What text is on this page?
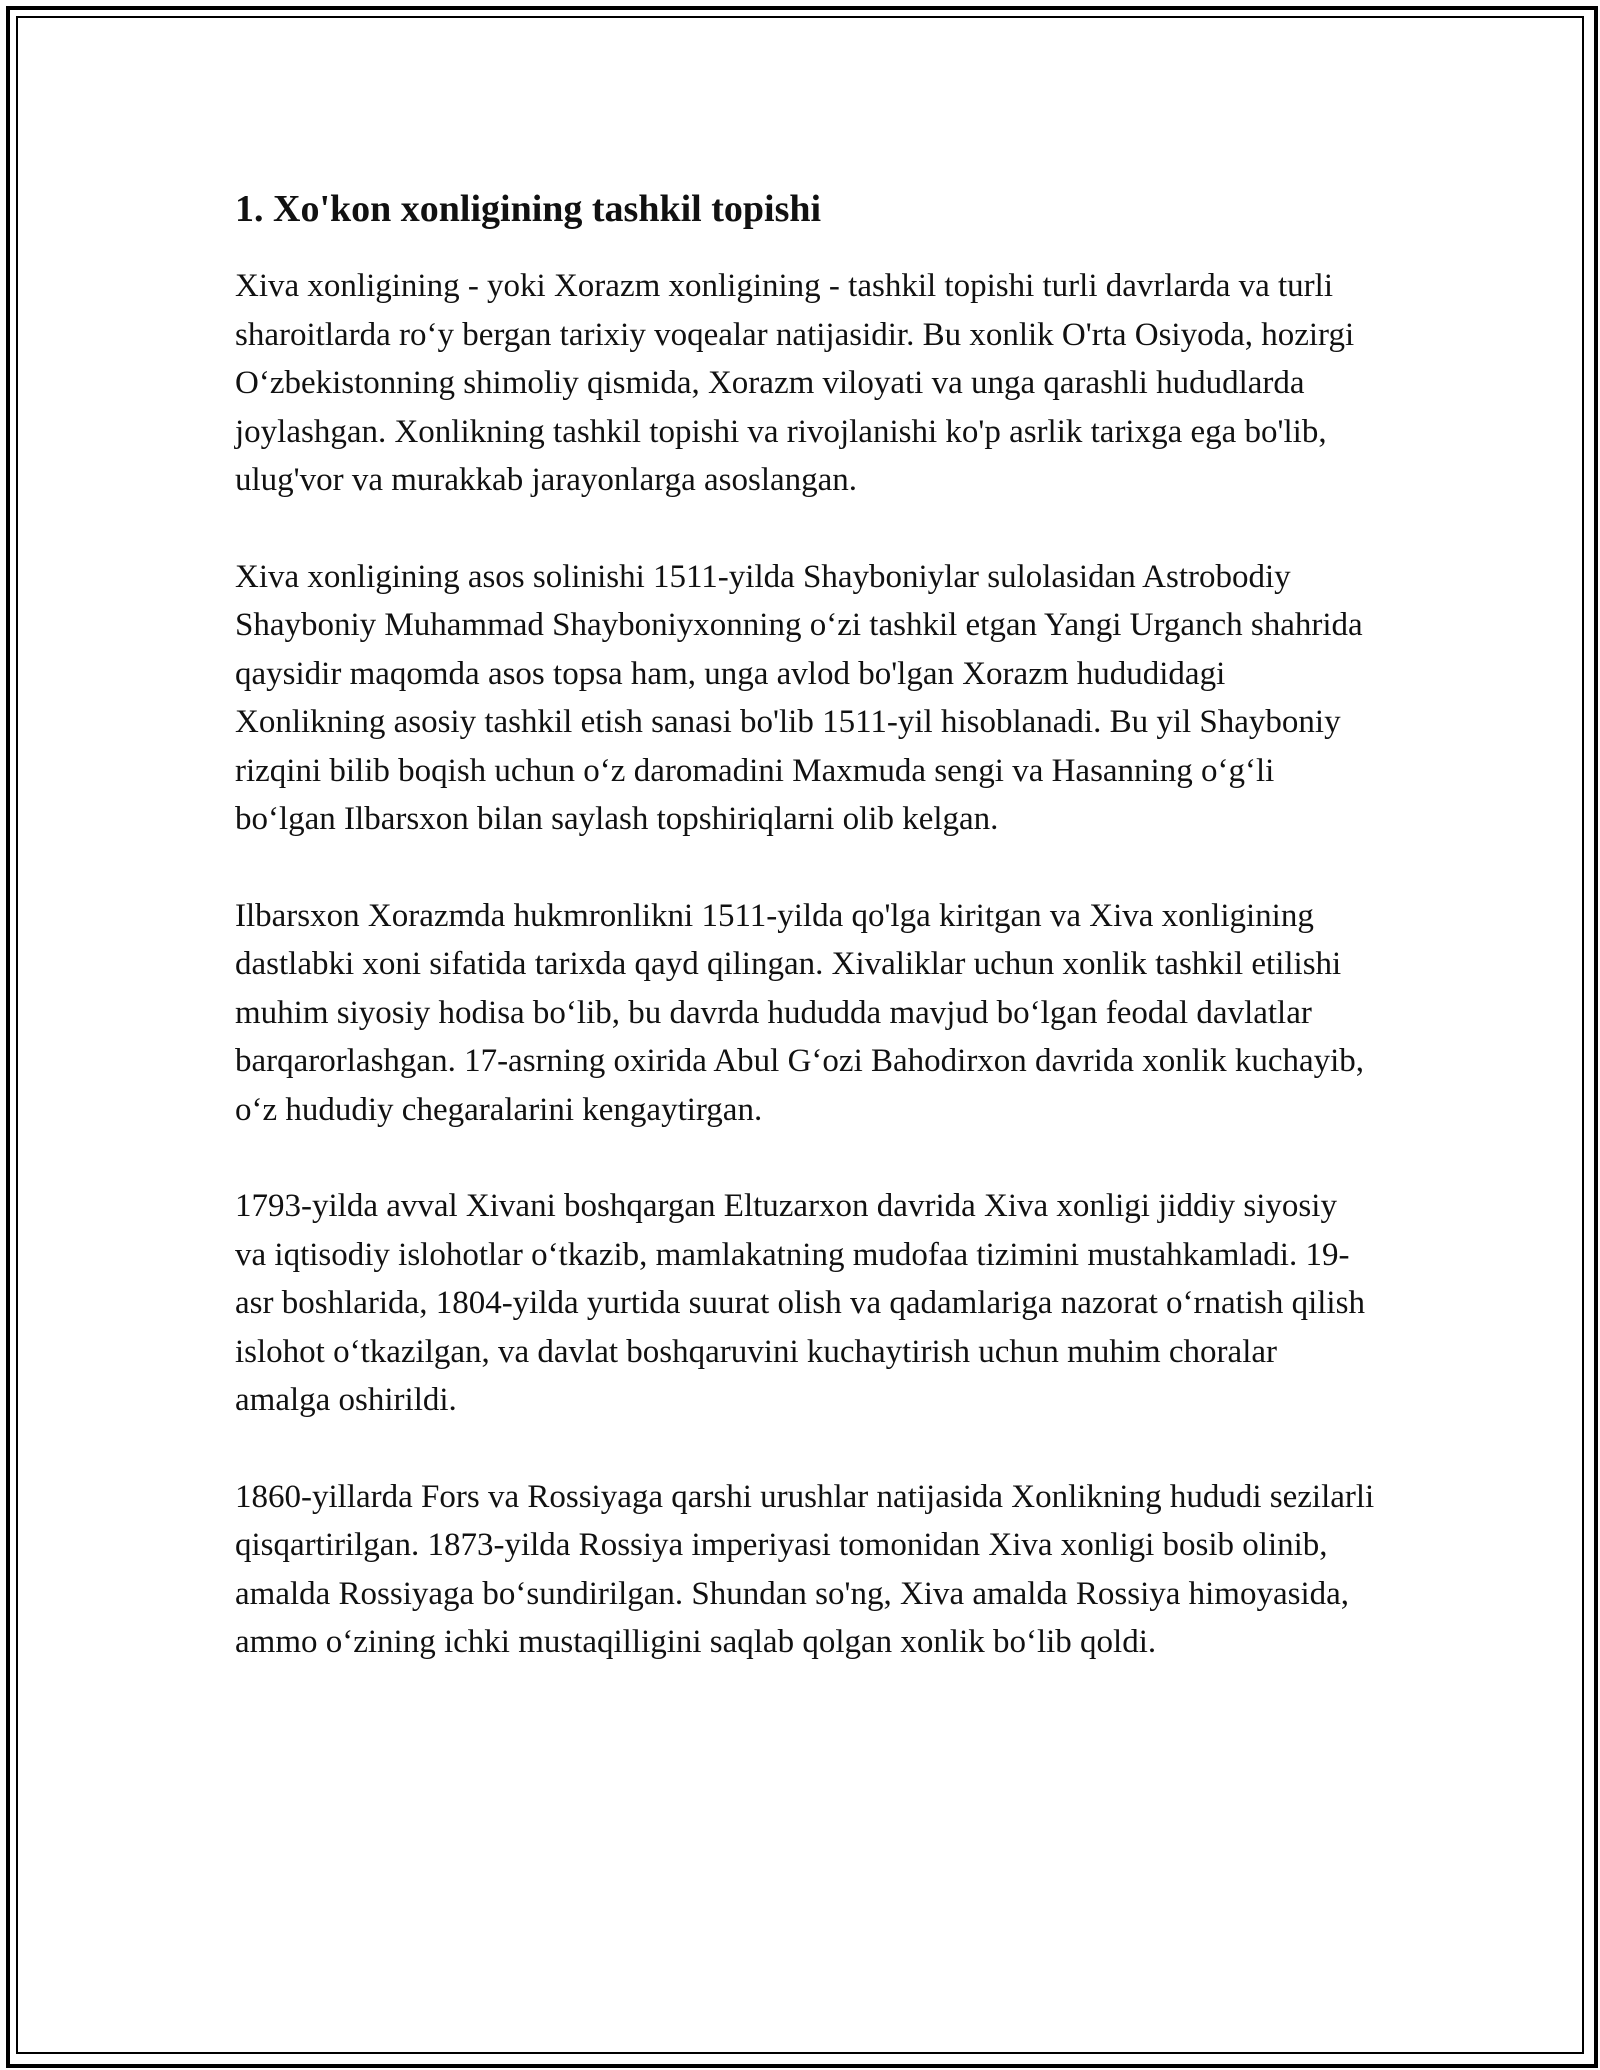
1. Xo'kon xonligining tashkil topishi

Xiva xonligining - yoki Xorazm xonligining - tashkil topishi turli davrlarda va turli sharoitlarda ro‘y bergan tarixiy voqealar natijasidir. Bu xonlik O'rta Osiyoda, hozirgi O‘zbekistonning shimoliy qismida, Xorazm viloyati va unga qarashli hududlarda joylashgan. Xonlikning tashkil topishi va rivojlanishi ko'p asrlik tarixga ega bo'lib, ulug'vor va murakkab jarayonlarga asoslangan.

Xiva xonligining asos solinishi 1511-yilda Shayboniylar sulolasidan Astrobodiy Shayboniy Muhammad Shayboniyxonning o‘zi tashkil etgan Yangi Urganch shahrida qaysidir maqomda asos topsa ham, unga avlod bo'lgan Xorazm hududidagi Xonlikning asosiy tashkil etish sanasi bo'lib 1511-yil hisoblanadi. Bu yil Shayboniy rizqini bilib boqish uchun o‘z daromadini Maxmuda sengi va Hasanning o‘g‘li bo‘lgan Ilbarsxon bilan saylash topshiriqlarni olib kelgan.

Ilbarsxon Xorazmda hukmronlikni 1511-yilda qo'lga kiritgan va Xiva xonligining dastlabki xoni sifatida tarixda qayd qilingan. Xivaliklar uchun xonlik tashkil etilishi muhim siyosiy hodisa bo‘lib, bu davrda hududda mavjud bo‘lgan feodal davlatlar barqarorlashgan. 17-asrning oxirida Abul G‘ozi Bahodirxon davrida xonlik kuchayib, o‘z hududiy chegaralarini kengaytirgan.

1793-yilda avval Xivani boshqargan Eltuzarxon davrida Xiva xonligi jiddiy siyosiy va iqtisodiy islohotlar o‘tkazib, mamlakatning mudofaa tizimini mustahkamladi. 19-asr boshlarida, 1804-yilda yurtida suurat olish va qadamlariga nazorat o‘rnatish qilish islohot o‘tkazilgan, va davlat boshqaruvini kuchaytirish uchun muhim choralar amalga oshirildi.

1860-yillarda Fors va Rossiyaga qarshi urushlar natijasida Xonlikning hududi sezilarli qisqartirilgan. 1873-yilda Rossiya imperiyasi tomonidan Xiva xonligi bosib olinib, amalda Rossiyaga bo‘sundirilgan. Shundan so'ng, Xiva amalda Rossiya himoyasida, ammo o‘zining ichki mustaqilligini saqlab qolgan xonlik bo‘lib qoldi.
